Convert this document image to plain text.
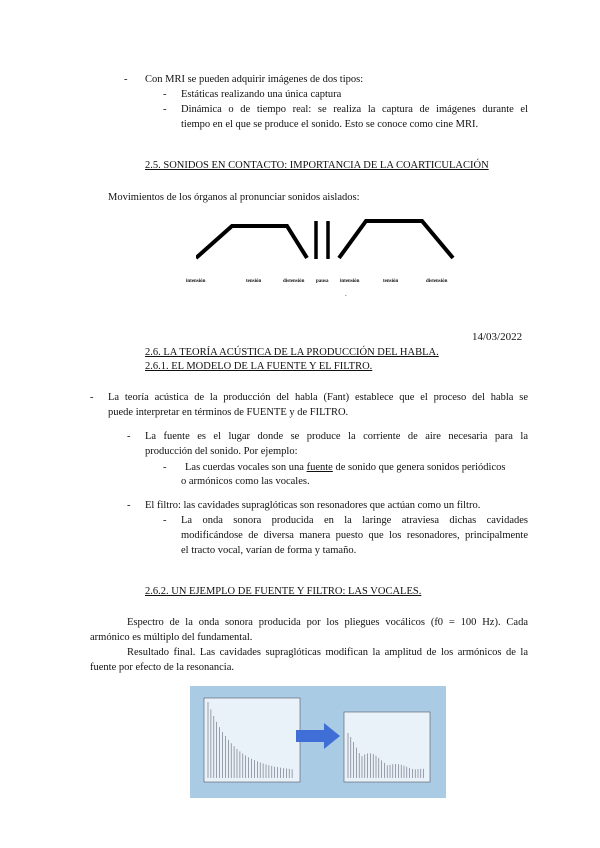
- Con MRI se pueden adquirir imágenes de dos tipos:
- Estáticas realizando una única captura
- Dinámica o de tiempo real: se realiza la captura de imágenes durante el
tiempo en el que se produce el sonido. Esto se conoce como cine MRI.
2.5. SONIDOS EN CONTACTO: IMPORTANCIA DE LA COARTICULACIÓN
Movimientos de los órganos al pronunciar sonidos aislados:
intensión	tensión	distensión pausa intensión	tensión	distensión
.
14/03/2022
2.6. LA TEORÍA ACÚSTICA DE LA PRODUCCIÓN DEL HABLA.
2.6.1. EL MODELO DE LA FUENTE Y EL FILTRO.
- La teoría acústica de la producción del habla (Fant) establece que el proceso del habla se
puede interpretar en términos de FUENTE y de FILTRO.
- La fuente es el lugar donde se produce la corriente de aire necesaria para la
producción del sonido. Por ejemplo:
- Las cuerdas vocales son una fuente de sonido que genera sonidos periódicos
o armónicos como las vocales.
- El filtro: las cavidades supraglóticas son resonadores que actúan como un filtro.
- La onda sonora producida en la laringe atraviesa dichas cavidades
modificándose de diversa manera puesto que los resonadores, principalmente
el tracto vocal, varían de forma y tamaño.
2.6.2. UN EJEMPLO DE FUENTE Y FILTRO: LAS VOCALES.
Espectro de la onda sonora producida por los pliegues vocálicos (f0 = 100 Hz). Cada
armónico es múltiplo del fundamental.
Resultado final. Las cavidades supraglóticas modifican la amplitud de los armónicos de la
fuente por efecto de la resonancia.
